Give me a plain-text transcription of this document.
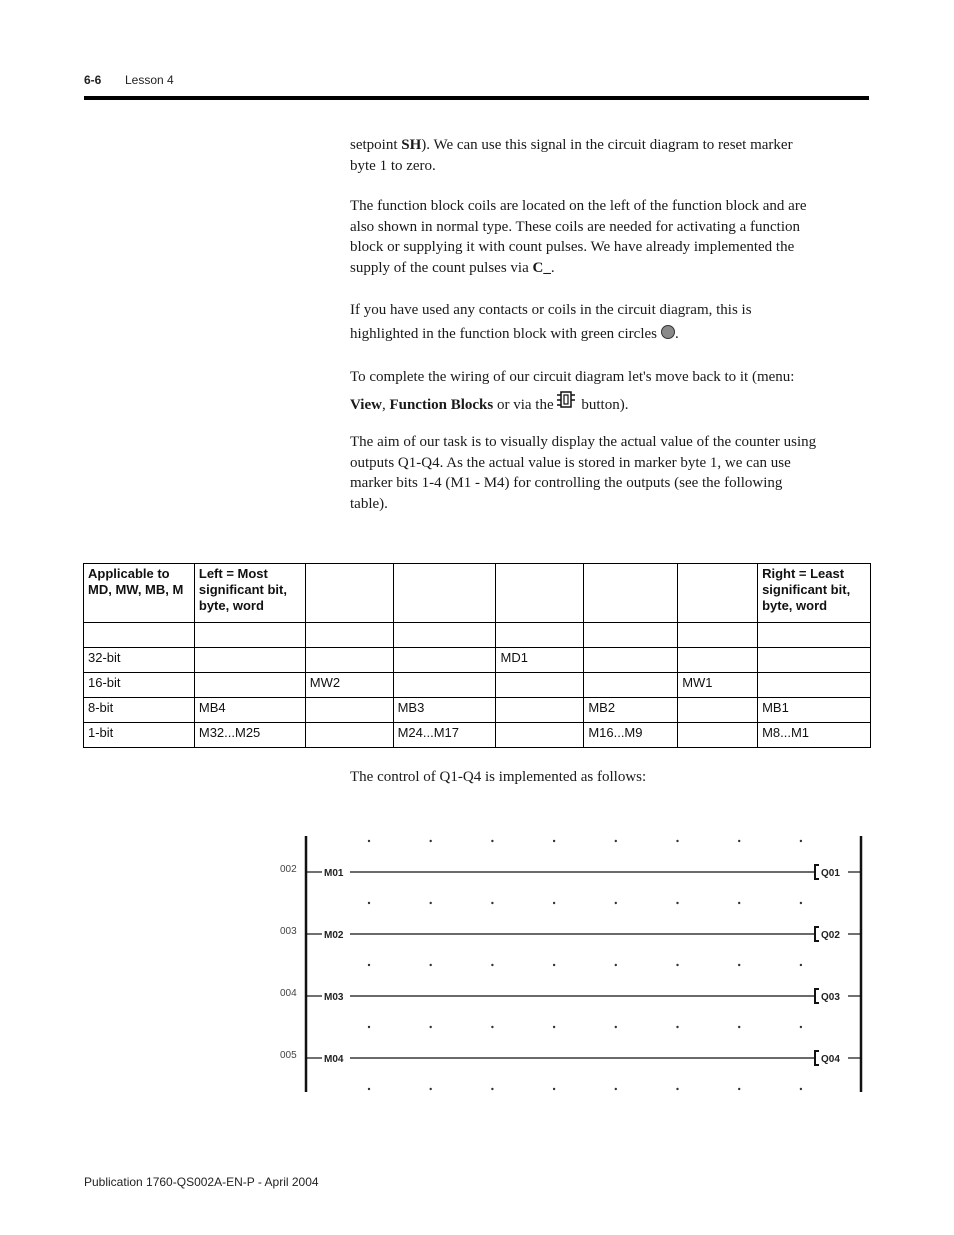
6-6 Lesson 4

setpoint SH). We can use this signal in the circuit diagram to reset marker byte 1 to zero.

The function block coils are located on the left of the function block and are also shown in normal type. These coils are needed for activating a function block or supplying it with count pulses. We have already implemented the supply of the count pulses via C_.

If you have used any contacts or coils in the circuit diagram, this is highlighted in the function block with green circles .

To complete the wiring of our circuit diagram let's move back to it (menu: View, Function Blocks or via the button).

The aim of our task is to visually display the actual value of the counter using outputs Q1-Q4. As the actual value is stored in marker byte 1, we can use marker bits 1-4 (M1 - M4) for controlling the outputs (see the following table).

Applicable to MD, MW, MB, M	Left = Most significant bit, byte, word						Right = Least significant bit, byte, word

32-bit				MD1			
16-bit		MW2				MW1	
8-bit	MB4		MB3		MB2		MB1
1-bit	M32...M25		M24...M17		M16...M9		M8...M1

The control of Q1-Q4 is implemented as follows:

002	M01	Q01
003	M02	Q02
004	M03	Q03
005	M04	Q04
Publication 1760-QS002A-EN-P - April 2004
